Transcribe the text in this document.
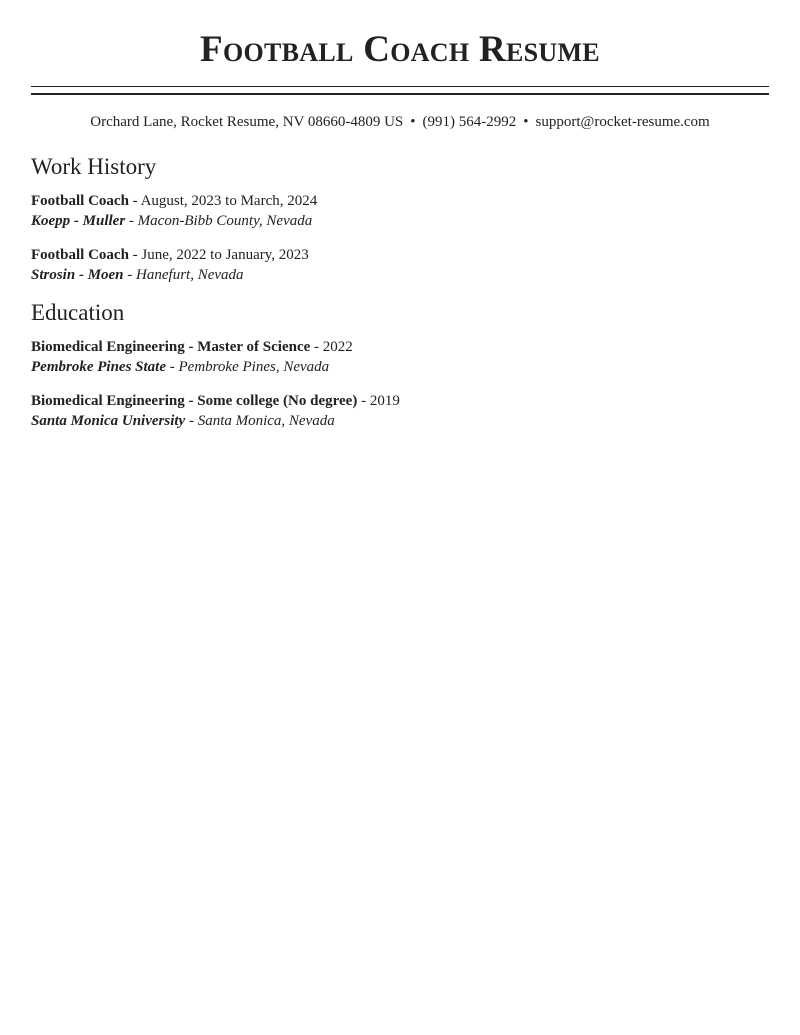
Football Coach Resume
Orchard Lane, Rocket Resume, NV 08660-4809 US • (991) 564-2992 • support@rocket-resume.com
Work History
Football Coach - August, 2023 to March, 2024
Koepp - Muller - Macon-Bibb County, Nevada
Football Coach - June, 2022 to January, 2023
Strosin - Moen - Hanefurt, Nevada
Education
Biomedical Engineering - Master of Science - 2022
Pembroke Pines State - Pembroke Pines, Nevada
Biomedical Engineering - Some college (No degree) - 2019
Santa Monica University - Santa Monica, Nevada
